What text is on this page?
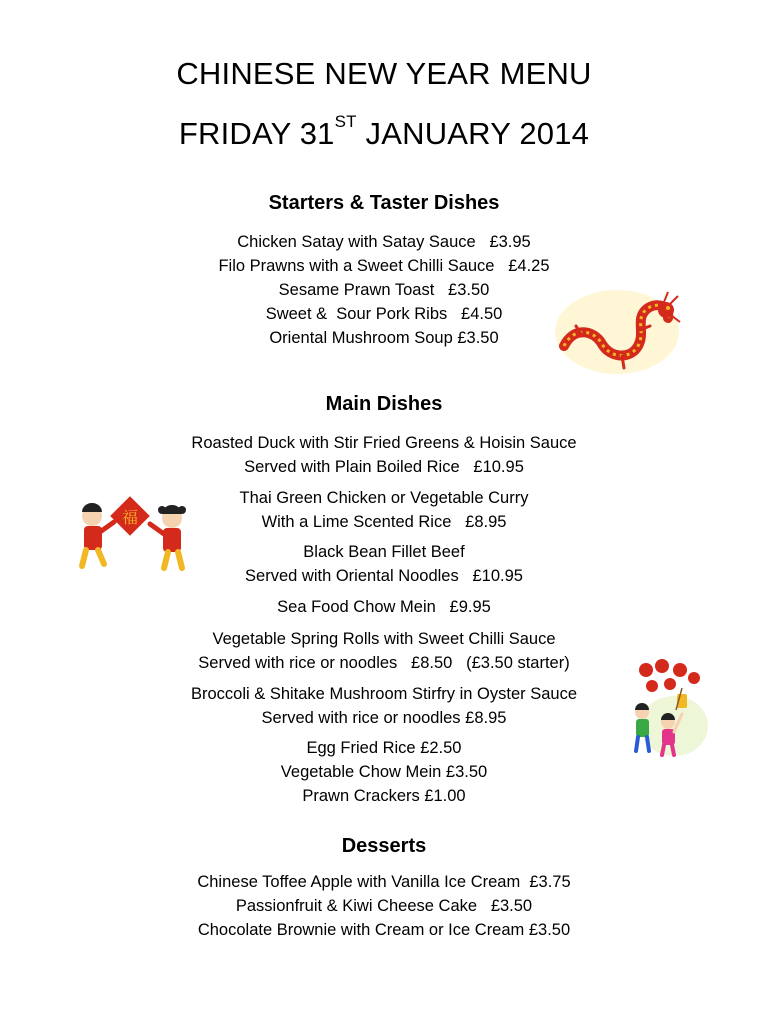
CHINESE NEW YEAR MENU
FRIDAY 31ST JANUARY 2014
Starters & Taster Dishes
Chicken Satay with Satay Sauce   £3.95
Filo Prawns with a Sweet Chilli Sauce   £4.25
Sesame Prawn Toast   £3.50
Sweet &  Sour Pork Ribs   £4.50
Oriental Mushroom Soup £3.50
Main Dishes
Roasted Duck with Stir Fried Greens & Hoisin Sauce
Served with Plain Boiled Rice   £10.95
Thai Green Chicken or Vegetable Curry
With a Lime Scented Rice   £8.95
Black Bean Fillet Beef
Served with Oriental Noodles   £10.95
Sea Food Chow Mein   £9.95
Vegetable Spring Rolls with Sweet Chilli Sauce
Served with rice or noodles   £8.50   (£3.50 starter)
Broccoli & Shitake Mushroom Stirfry in Oyster Sauce
Served with rice or noodles £8.95
Egg Fried Rice £2.50
Vegetable Chow Mein £3.50
Prawn Crackers £1.00
Desserts
Chinese Toffee Apple with Vanilla Ice Cream  £3.75
Passionfruit & Kiwi Cheese Cake   £3.50
Chocolate Brownie with Cream or Ice Cream £3.50
福
